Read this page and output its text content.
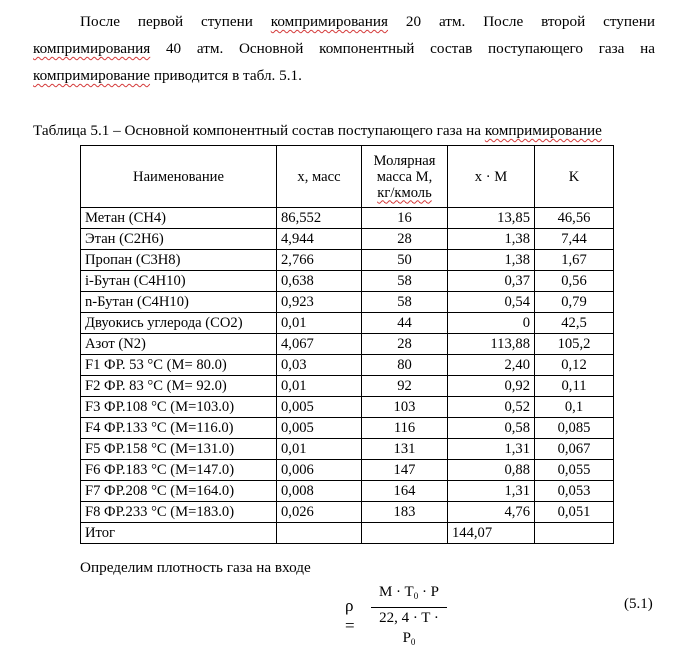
После первой ступени компримирования 20 атм. После второй ступени компримирования 40 атм. Основной компонентный состав поступающего газа на компримирование приводится в табл. 5.1.
Таблица 5.1 – Основной компонентный состав поступающего газа на компримирование
Наименование	x, масс	Молярная
масса М,
кг/кмоль	x · M	K
Метан (CH4)	86,552	16	13,85	46,56
Этан (C2H6)	4,944	28	1,38	7,44
Пропан (C3H8)	2,766	50	1,38	1,67
i-Бутан (C4H10)	0,638	58	0,37	0,56
n-Бутан (C4H10)	0,923	58	0,54	0,79
Двуокись углерода (CO2)	0,01	44	0	42,5
Азот (N2)	4,067	28	113,88	105,2
F1 ФР. 53 °С (M= 80.0)	0,03	80	2,40	0,12
F2 ФР. 83 °С (M= 92.0)	0,01	92	0,92	0,11
F3 ФР.108 °С (M=103.0)	0,005	103	0,52	0,1
F4 ФР.133 °С (M=116.0)	0,005	116	0,58	0,085
F5 ФР.158 °С (M=131.0)	0,01	131	1,31	0,067
F6 ФР.183 °С (M=147.0)	0,006	147	0,88	0,055
F7 ФР.208 °С (M=164.0)	0,008	164	1,31	0,053
F8 ФР.233 °С (M=183.0)	0,026	183	4,76	0,051
Итог			144,07	
Определим плотность газа на входе
$\rho = \frac{M \cdot T_0 \cdot P}{22, 4 \cdot T \cdot P_0}$	(5.1)
